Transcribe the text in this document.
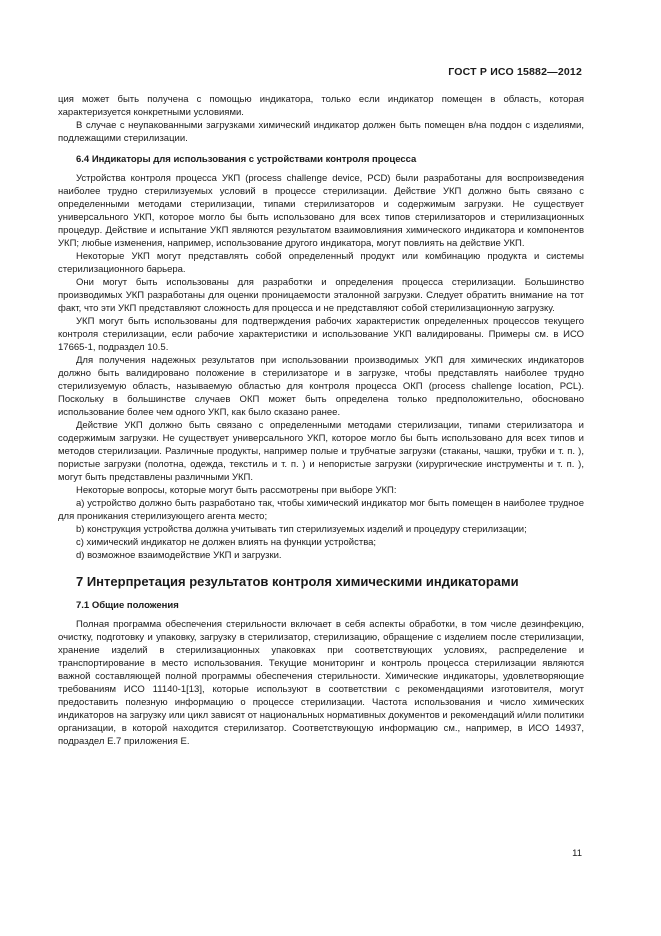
ГОСТ Р ИСО 15882—2012

ция может быть получена с помощью индикатора, только если индикатор помещен в область, которая характеризуется конкретными условиями.

В случае с неупакованными загрузками химический индикатор должен быть помещен в/на поддон с изделиями, подлежащими стерилизации.

6.4 Индикаторы для использования с устройствами контроля процесса

Устройства контроля процесса УКП (process challenge device, PCD) были разработаны для воспроизведения наиболее трудно стерилизуемых условий в процессе стерилизации. Действие УКП должно быть связано с определенными методами стерилизации, типами стерилизаторов и содержимым загрузки. Не существует универсального УКП, которое могло бы быть использовано для всех типов стерилизаторов и стерилизационных процедур. Действие и испытание УКП являются результатом взаимовлияния химического индикатора и компонентов УКП; любые изменения, например, использование другого индикатора, могут повлиять на действие УКП.

Некоторые УКП могут представлять собой определенный продукт или комбинацию продукта и системы стерилизационного барьера.

Они могут быть использованы для разработки и определения процесса стерилизации. Большинство производимых УКП разработаны для оценки проницаемости эталонной загрузки. Следует обратить внимание на тот факт, что эти УКП представляют сложность для процесса и не представляют собой стерилизационную загрузку.

УКП могут быть использованы для подтверждения рабочих характеристик определенных процессов текущего контроля стерилизации, если рабочие характеристики и использование УКП валидированы. Примеры см. в ИСО 17665-1, подраздел 10.5.

Для получения надежных результатов при использовании производимых УКП для химических индикаторов должно быть валидировано положение в стерилизаторе и в загрузке, чтобы представлять наиболее трудно стерилизуемую область, называемую областью для контроля процесса ОКП (process challenge location, PCL). Поскольку в большинстве случаев ОКП может быть определена только предположительно, обосновано использование более чем одного УКП, как было сказано ранее.

Действие УКП должно быть связано с определенными методами стерилизации, типами стерилизатора и содержимым загрузки. Не существует универсального УКП, которое могло бы быть использовано для всех типов и методов стерилизации. Различные продукты, например полые и трубчатые загрузки (стаканы, чашки, трубки и т. п. ), пористые загрузки (полотна, одежда, текстиль и т. п. ) и непористые загрузки (хирургические инструменты и т. п. ), могут быть представлены различными УКП.

Некоторые вопросы, которые могут быть рассмотрены при выборе УКП:

а) устройство должно быть разработано так, чтобы химический индикатор мог быть помещен в наиболее трудное для проникания стерилизующего агента место;

b) конструкция устройства должна учитывать тип стерилизуемых изделий и процедуру стерилизации;

c) химический индикатор не должен влиять на функции устройства;

d) возможное взаимодействие УКП и загрузки.

7 Интерпретация результатов контроля химическими индикаторами

7.1 Общие положения

Полная программа обеспечения стерильности включает в себя аспекты обработки, в том числе дезинфекцию, очистку, подготовку и упаковку, загрузку в стерилизатор, стерилизацию, обращение с изделием после стерилизации, хранение изделий в стерилизационных упаковках при соответствующих условиях, распределение и транспортирование в место использования. Текущие мониторинг и контроль процесса стерилизации являются важной составляющей полной программы обеспечения стерильности. Химические индикаторы, удовлетворяющие требованиям ИСО 11140-1[13], которые используют в соответствии с рекомендациями изготовителя, могут предоставить полезную информацию о процессе стерилизации. Частота использования и число химических индикаторов на загрузку или цикл зависят от национальных нормативных документов и рекомендаций и/или политики организации, в которой находится стерилизатор. Соответствующую информацию см., например, в ИСО 14937, подраздел Е.7 приложения Е.

11
